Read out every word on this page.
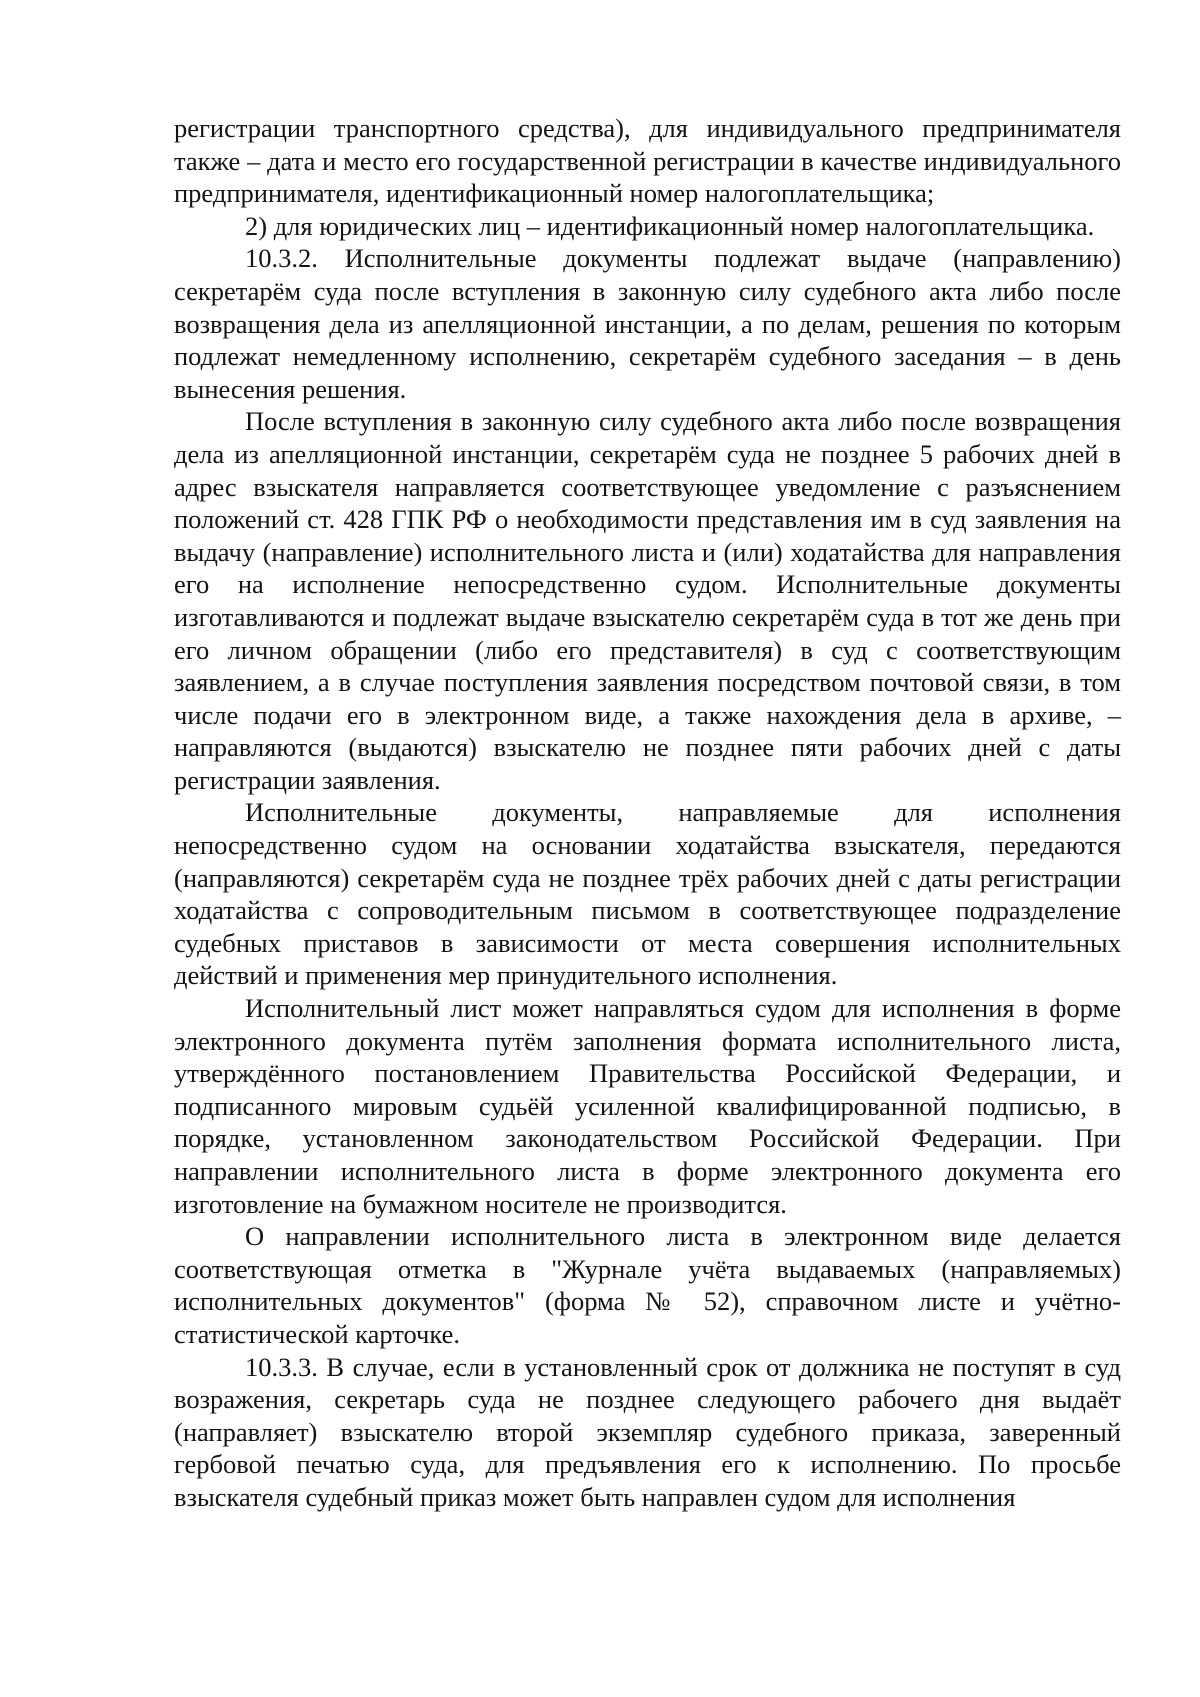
регистрации транспортного средства), для индивидуального предпринимателя также – дата и место его государственной регистрации в качестве индивидуального предпринимателя, идентификационный номер налогоплательщика;

2) для юридических лиц – идентификационный номер налогоплательщика.

10.3.2. Исполнительные документы подлежат выдаче (направлению) секретарём суда после вступления в законную силу судебного акта либо после возвращения дела из апелляционной инстанции, а по делам, решения по которым подлежат немедленному исполнению, секретарём судебного заседания – в день вынесения решения.

После вступления в законную силу судебного акта либо после возвращения дела из апелляционной инстанции, секретарём суда не позднее 5 рабочих дней в адрес взыскателя направляется соответствующее уведомление с разъяснением положений ст. 428 ГПК РФ о необходимости представления им в суд заявления на выдачу (направление) исполнительного листа и (или) ходатайства для направления его на исполнение непосредственно судом. Исполнительные документы изготавливаются и подлежат выдаче взыскателю секретарём суда в тот же день при его личном обращении (либо его представителя) в суд с соответствующим заявлением, а в случае поступления заявления посредством почтовой связи, в том числе подачи его в электронном виде, а также нахождения дела в архиве, – направляются (выдаются) взыскателю не позднее пяти рабочих дней с даты регистрации заявления.

Исполнительные документы, направляемые для исполнения непосредственно судом на основании ходатайства взыскателя, передаются (направляются) секретарём суда не позднее трёх рабочих дней с даты регистрации ходатайства с сопроводительным письмом в соответствующее подразделение судебных приставов в зависимости от места совершения исполнительных действий и применения мер принудительного исполнения.

Исполнительный лист может направляться судом для исполнения в форме электронного документа путём заполнения формата исполнительного листа, утверждённого постановлением Правительства Российской Федерации, и подписанного мировым судьёй усиленной квалифицированной подписью, в порядке, установленном законодательством Российской Федерации. При направлении исполнительного листа в форме электронного документа его изготовление на бумажном носителе не производится.

О направлении исполнительного листа в электронном виде делается соответствующая отметка в "Журнале учёта выдаваемых (направляемых) исполнительных документов" (форма № 52), справочном листе и учётно-статистической карточке.

10.3.3. В случае, если в установленный срок от должника не поступят в суд возражения, секретарь суда не позднее следующего рабочего дня выдаёт (направляет) взыскателю второй экземпляр судебного приказа, заверенный гербовой печатью суда, для предъявления его к исполнению. По просьбе взыскателя судебный приказ может быть направлен судом для исполнения
